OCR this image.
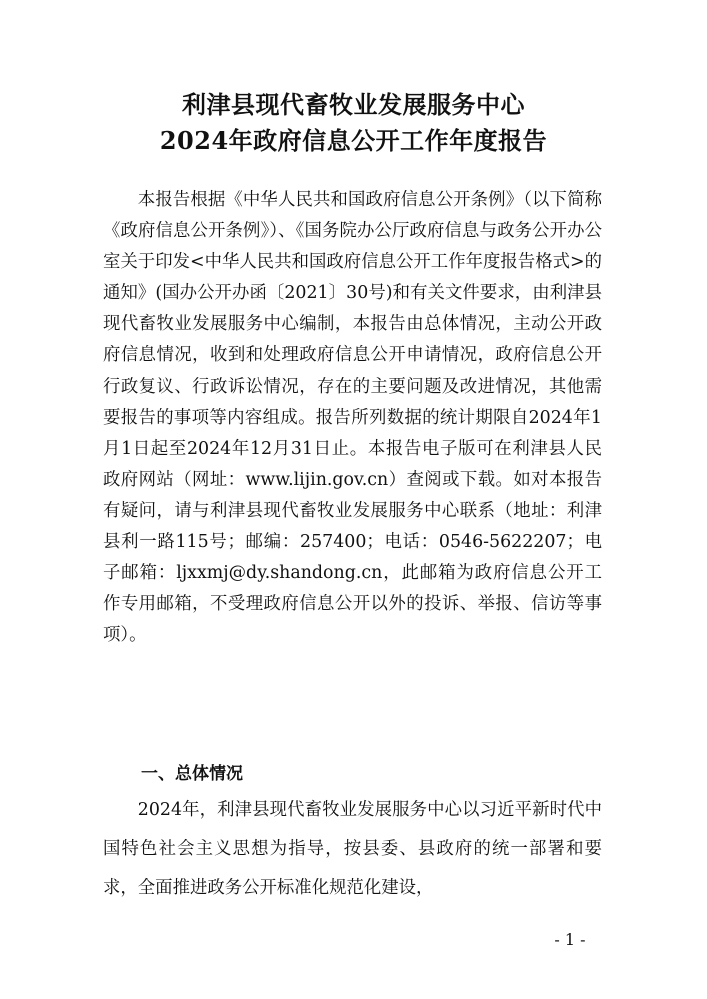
利津县现代畜牧业发展服务中心
2024年政府信息公开工作年度报告

本报告根据《中华人民共和国政府信息公开条例》（以下简称《政府信息公开条例》）、《国务院办公厅政府信息与政务公开办公室关于印发<中华人民共和国政府信息公开工作年度报告格式>的通知》(国办公开办函〔2021〕30号)和有关文件要求，由利津县现代畜牧业发展服务中心编制，本报告由总体情况，主动公开政府信息情况，收到和处理政府信息公开申请情况，政府信息公开行政复议、行政诉讼情况，存在的主要问题及改进情况，其他需要报告的事项等内容组成。报告所列数据的统计期限自2024年1月1日起至2024年12月31日止。本报告电子版可在利津县人民政府网站（网址：www.lijin.gov.cn）查阅或下载。如对本报告有疑问，请与利津县现代畜牧业发展服务中心联系（地址：利津县利一路115号；邮编：257400；电话：0546-5622207；电子邮箱：ljxxmj@dy.shandong.cn，此邮箱为政府信息公开工作专用邮箱，不受理政府信息公开以外的投诉、举报、信访等事项）。

一、总体情况

2024年，利津县现代畜牧业发展服务中心以习近平新时代中国特色社会主义思想为指导，按县委、县政府的统一部署和要求，全面推进政务公开标准化规范化建设，

- 1 -
